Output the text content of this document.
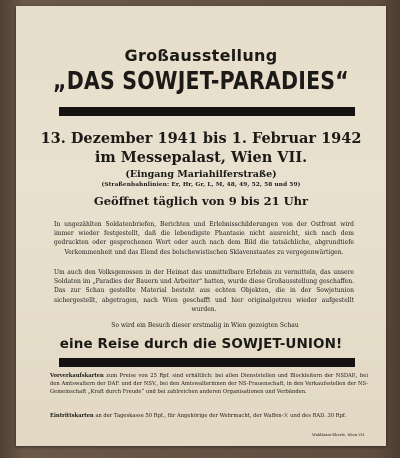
Großausstellung
„DAS SOWJET-PARADIES“
13. Dezember 1941 bis 1. Februar 1942
im Messepalast, Wien VII.
(Eingang Mariahilferstraße)
(Straßenbahnlinien: Er, Hr, Gr, L, M, 48, 49, 52, 58 und 59)
Geöffnet täglich von 9 bis 21 Uhr
In ungezählten Soldatenbriefen, Berichten und Erlebnisschilderungen von der Ostfront wird immer wieder festgestellt, daß die lebendigste Phantasie nicht ausreicht, sich nach dem gedruckten oder gesprochenen Wort oder auch nach dem Bild die tatsächliche, abgrundtiefe Verkommenheit und das Elend des bolschewistischen Sklavenstaates zu vergegenwärtigen.
Um auch den Volksgenossen in der Heimat das unmittelbare Erlebnis zu vermitteln, das unsere Soldaten im „Paradies der Bauern und Arbeiter“ hatten, wurde diese Großausstellung geschaffen. Das zur Schau gestellte Material besteht aus echten Objekten, die in der Sowjetunion sichergestellt, abgetragen, nach Wien geschafft und hier originalgetreu wieder aufgestellt wurden.
So wird ein Besuch dieser erstmalig in Wien gezeigten Schau
eine Reise durch die SOWJET-UNION!
Vorverkaufskarten zum Preise von 25 Rpf. sind erhältlich: bei allen Dienststellen und Blockleitern der NSDAP., bei den Amtswaltern der DAF. und der NSV., bei den Amtswalterinnen der NS-Frauenschaft, in den Verkaufsstellen der NS-Gemeinschaft „Kraft durch Freude“ und bei zahlreichen anderen Organisationen und Verbänden.
Eintrittskarten an der Tageskasse 50 Rpf., für Angehörige der Wehrmacht, der Waffen-ℋ und des RAD. 30 Rpf.
Waldheim-Eberle, Wien VII.
